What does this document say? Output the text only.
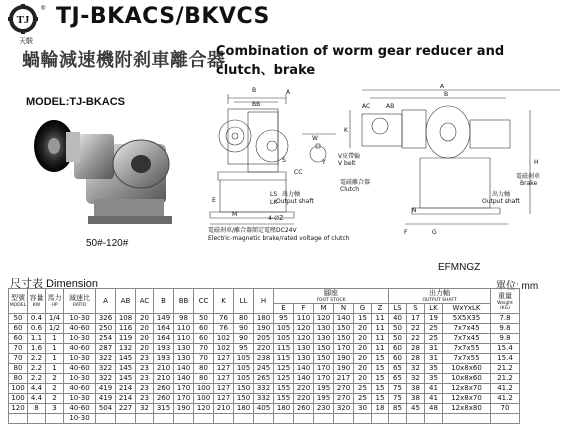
TJ
®
天駿
TJ-BKACS/BKVCS
蝸輪減速機附刹車離合器
Combination of worm gear reducer and
clutch、brake
MODEL:TJ-BKACS
50#-120#
A
BB
B
LS
LK
S
CC
E
M
4-∅Z
W
Y
AC	AB
A
B
K
H
N
G
F
V皮帶輪
V belt
電磁離合器
Clutch
出力軸
Output shaft
電磁刹車
Brake
出力軸
Output shaft
電磁刹車/離合器額定電壓DC24V
Electric-magnetic brake/rated voltage of clutch
EFMNGZ
尺寸表 Dimension	單位: mm
型號
MODEL	容量
KW	馬力
HP	減速比
RATIO	A	AB	AC	B	BB	CC	K	LL	H	腳座
FOOT STOCK						出力軸
OUTPUT SHAFT				重量
Weight
(KG)

													E	F	M	N	G	Z	LS	S	LK	WxYxLK	
50	0.4	1/4	10-30	326	108	20	149	98	50	76	80	180	95	110	120	140	15	11	40	17	19	5X5X35	7.8
60	0.6	1/2	40-60	250	116	20	164	110	60	76	90	190	105	120	130	150	20	11	50	22	25	7x7x45	9.8
60	1.1	1	10-30	254	119	20	164	110	60	102	90	205	105	120	130	150	20	11	50	22	25	7x7x45	9.8
70	1.6	1	40-60	287	132	20	193	130	70	102	95	220	115	130	150	170	20	11	60	28	31	7x7x55	15.4
70	2.2	1	10-30	322	145	23	193	130	70	127	105	238	115	130	150	190	20	15	60	28	31	7x7x55	15.4
80	2.2	1	40-60	322	145	23	210	140	80	127	105	245	125	140	170	190	20	15	65	32	35	10x8x60	21.2
80	2.2	2	10-30	322	145	23	210	140	80	127	105	265	125	140	170	217	20	15	65	32	35	10x8x60	21.2
100	4.4	2	40-60	419	214	23	260	170	100	127	150	332	155	220	195	270	25	15	75	38	41	12x8x70	41.2
100	4.4	2	10-30	419	214	23	260	170	100	127	150	332	155	220	195	270	25	15	75	38	41	12x8x70	41.2
120	8	3	40-60	504	227	32	315	190	120	210	180	405	180	260	230	320	30	18	85	45	48	12x8x80	70
			10-30																				
